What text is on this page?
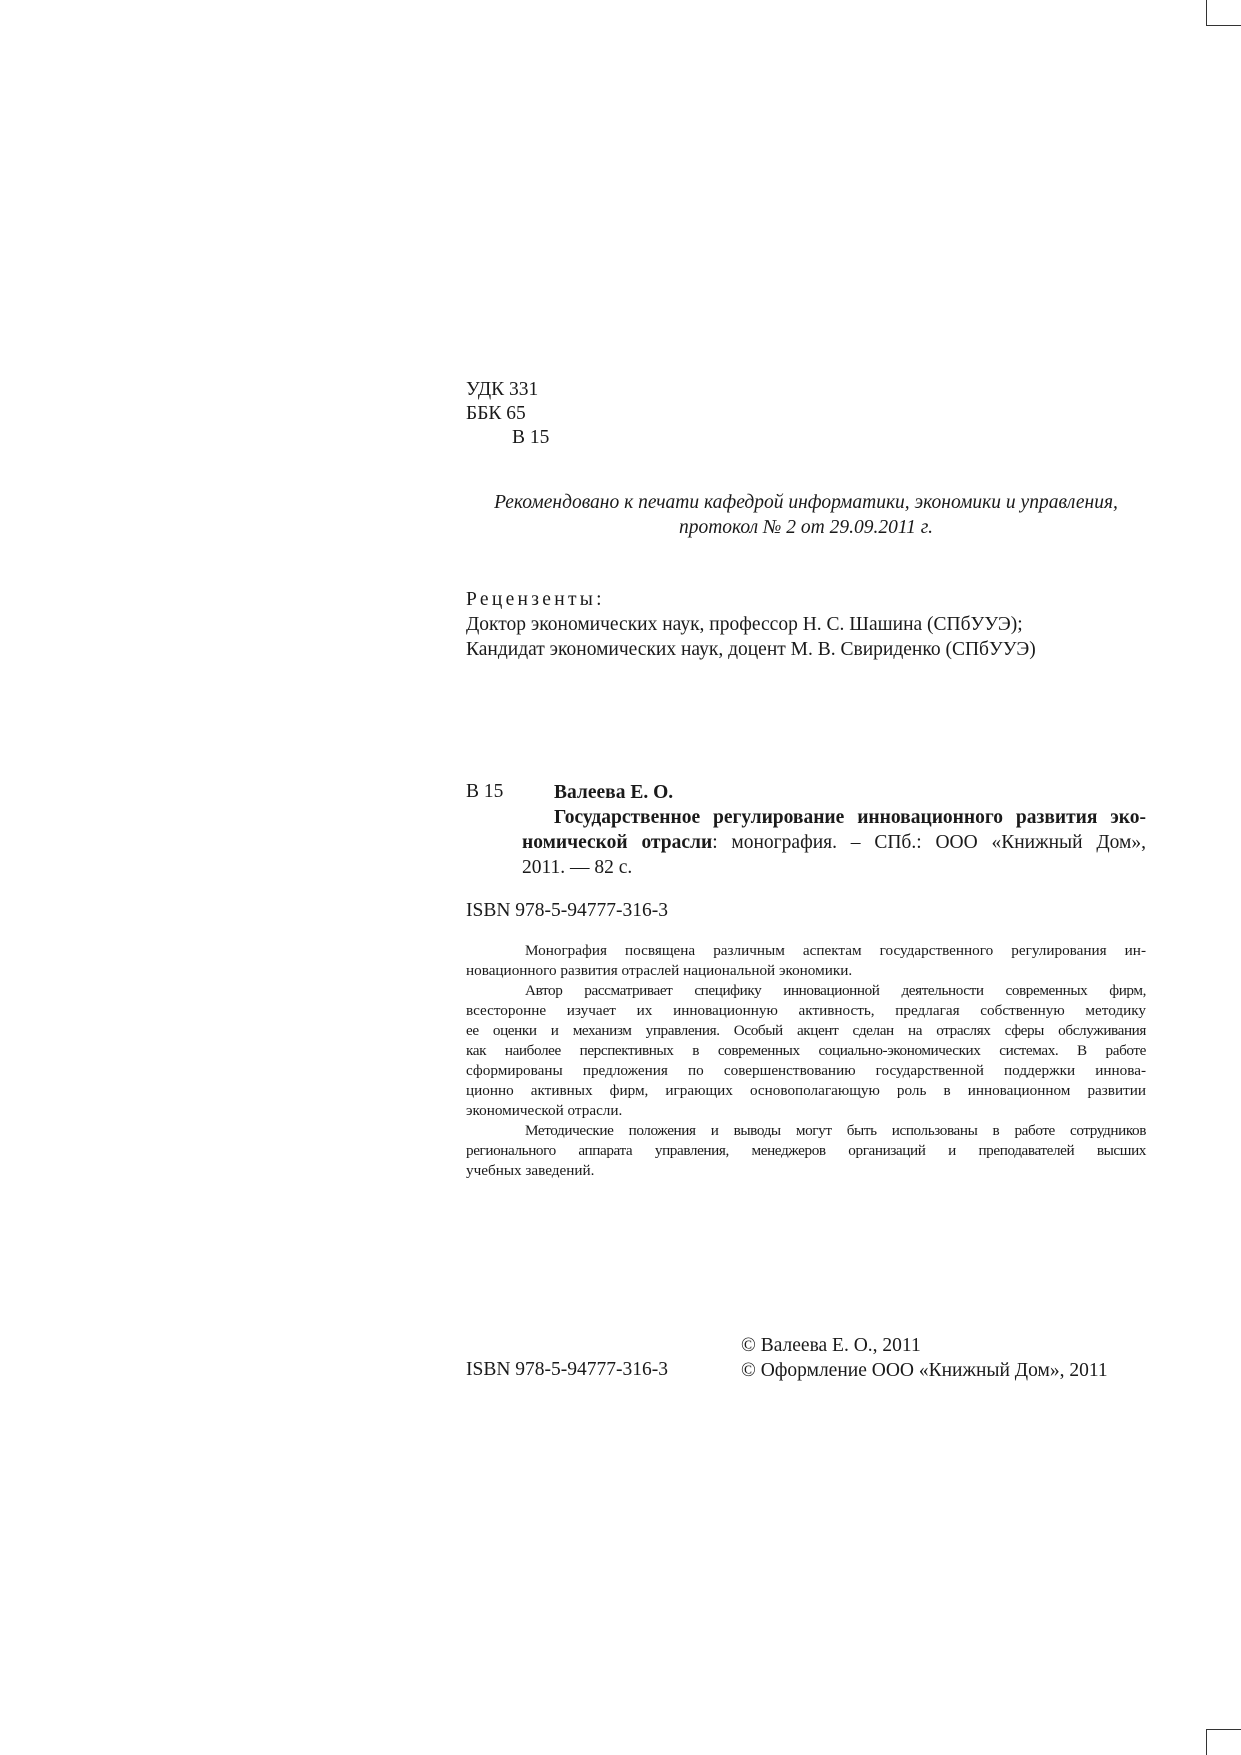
УДК 331
ББК 65
В 15
Рекомендовано к печати кафедрой информатики, экономики и управления,
протокол № 2 от 29.09.2011 г.
Рецензенты:
Доктор экономических наук, профессор Н. С. Шашина (СПбУУЭ);
Кандидат экономических наук, доцент М. В. Свириденко (СПбУУЭ)
В 15	Валеева Е. О.
Государственное регулирование инновационного развития эко-
номической отрасли: монография. – СПб.: ООО «Книжный Дом»,
2011. — 82 с.
ISBN 978-5-94777-316-3
Монография посвящена различным аспектам государственного регулирования ин-
новационного развития отраслей национальной экономики.
Автор рассматривает специфику инновационной деятельности современных фирм,
всесторонне изучает их инновационную активность, предлагая собственную методику
ее оценки и механизм управления. Особый акцент сделан на отраслях сферы обслуживания
как наиболее перспективных в современных социально-экономических системах. В работе
сформированы предложения по совершенствованию государственной поддержки иннова-
ционно активных фирм, играющих основополагающую роль в инновационном развитии
экономической отрасли.
Методические положения и выводы могут быть использованы в работе сотрудников
регионального аппарата управления, менеджеров организаций и преподавателей высших
учебных заведений.
ISBN 978-5-94777-316-3
© Валеева Е. О., 2011
© Оформление ООО «Книжный Дом», 2011
